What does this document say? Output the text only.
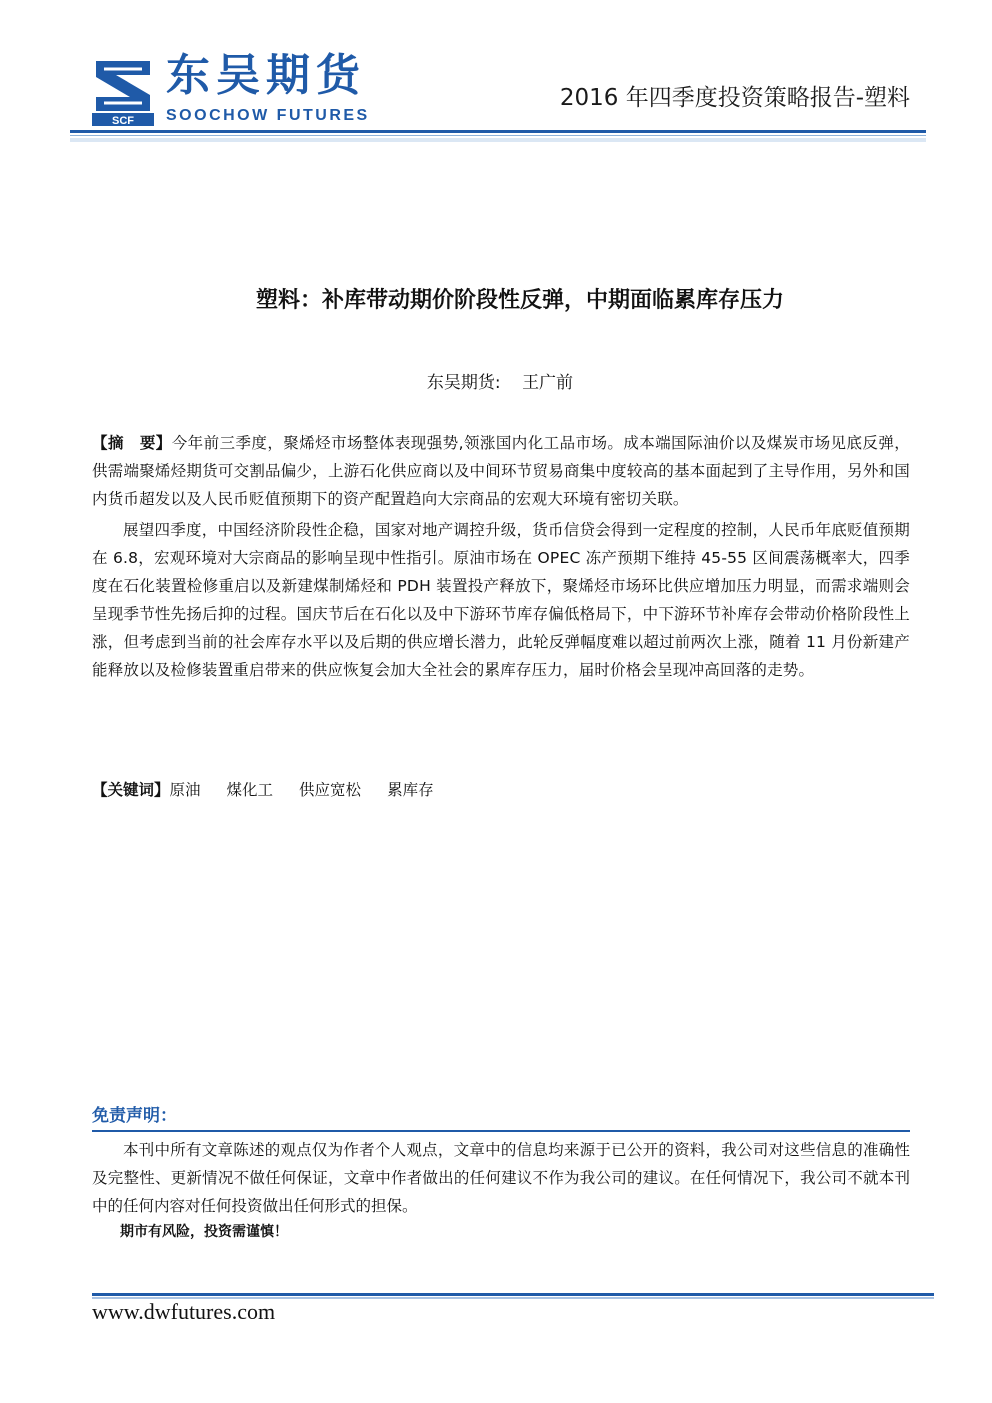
SCF
东吴期货
SOOCHOW FUTURES
2016 年四季度投资策略报告-塑料
塑料：补库带动期价阶段性反弹，中期面临累库存压力
东吴期货: 王广前
【摘　要】今年前三季度，聚烯烃市场整体表现强势,领涨国内化工品市场。成本端国际油价以及煤炭市场见底反弹，供需端聚烯烃期货可交割品偏少，上游石化供应商以及中间环节贸易商集中度较高的基本面起到了主导作用，另外和国内货币超发以及人民币贬值预期下的资产配置趋向大宗商品的宏观大环境有密切关联。
展望四季度，中国经济阶段性企稳，国家对地产调控升级，货币信贷会得到一定程度的控制，人民币年底贬值预期在 6.8，宏观环境对大宗商品的影响呈现中性指引。原油市场在 OPEC 冻产预期下维持 45-55 区间震荡概率大，四季度在石化装置检修重启以及新建煤制烯烃和 PDH 装置投产释放下，聚烯烃市场环比供应增加压力明显，而需求端则会呈现季节性先扬后抑的过程。国庆节后在石化以及中下游环节库存偏低格局下，中下游环节补库存会带动价格阶段性上涨，但考虑到当前的社会库存水平以及后期的供应增长潜力，此轮反弹幅度难以超过前两次上涨，随着 11 月份新建产能释放以及检修装置重启带来的供应恢复会加大全社会的累库存压力，届时价格会呈现冲高回落的走势。
【关键词】原油 煤化工 供应宽松 累库存
免责声明：
本刊中所有文章陈述的观点仅为作者个人观点，文章中的信息均来源于已公开的资料，我公司对这些信息的准确性及完整性、更新情况不做任何保证，文章中作者做出的任何建议不作为我公司的建议。在任何情况下，我公司不就本刊中的任何内容对任何投资做出任何形式的担保。
期市有风险，投资需谨慎！
www.dwfutures.com
